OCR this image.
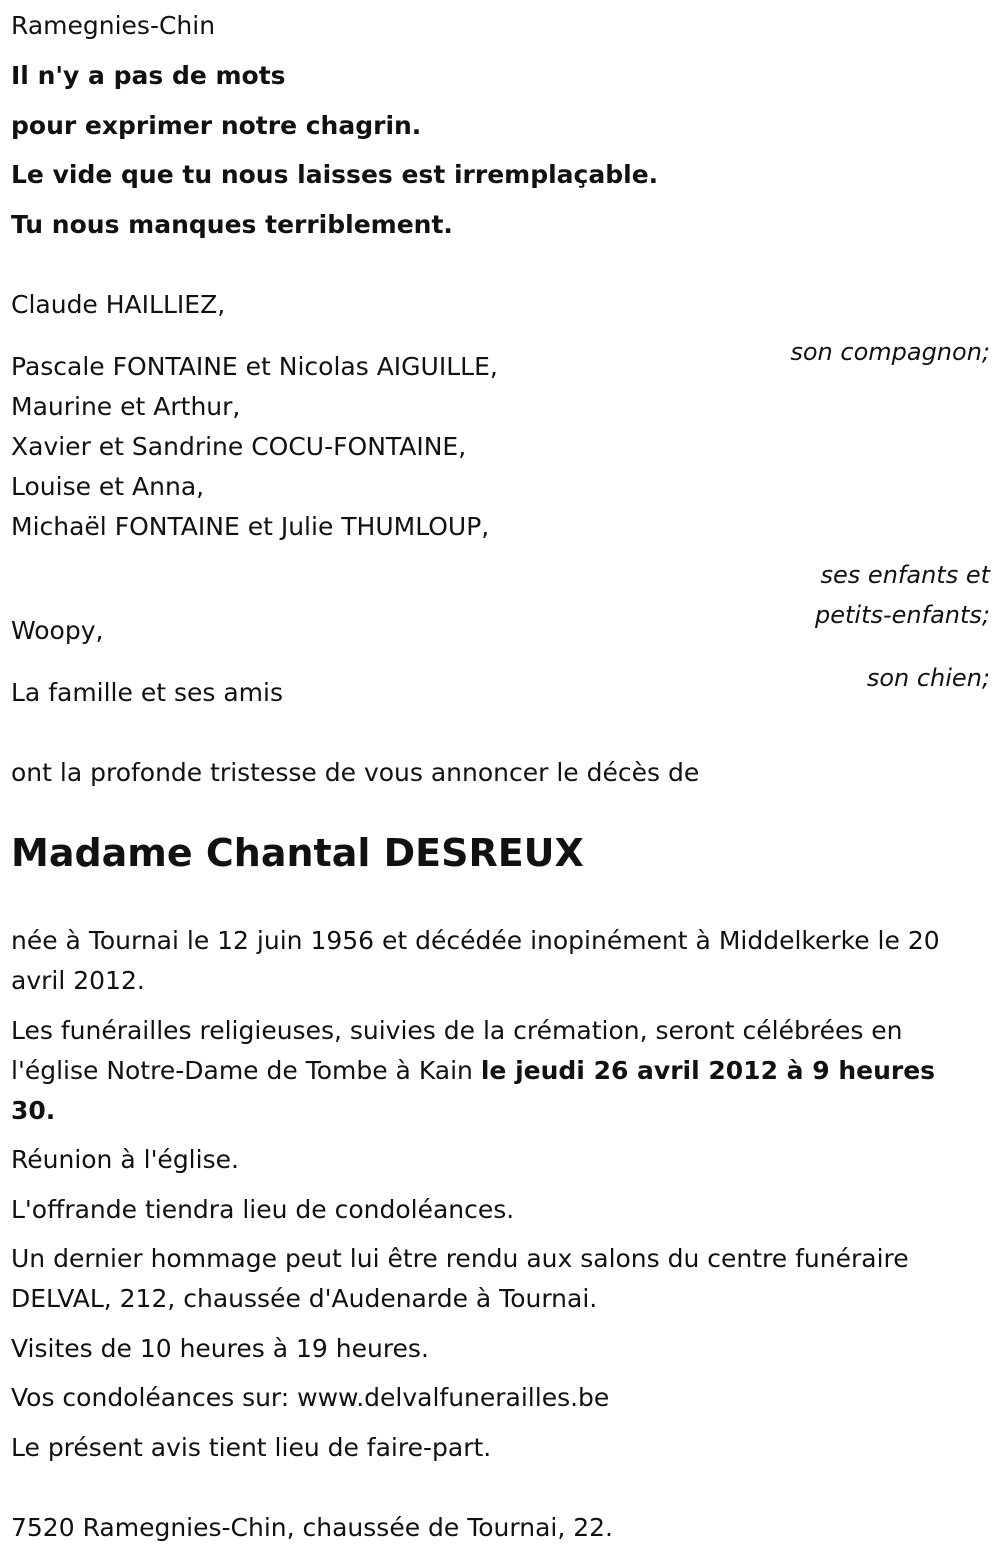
Ramegnies-Chin

Il n'y a pas de mots

pour exprimer notre chagrin.

Le vide que tu nous laisses est irremplaçable.

Tu nous manques terriblement.

Claude HAILLIEZ,

son compagnon;

Pascale FONTAINE et Nicolas AIGUILLE,

Maurine et Arthur,

Xavier et Sandrine COCU-FONTAINE,

Louise et Anna,

Michaël FONTAINE et Julie THUMLOUP,

ses enfants et

petits-enfants;

Woopy,

son chien;

La famille et ses amis

ont la profonde tristesse de vous annoncer le décès de

Madame Chantal DESREUX

née à Tournai le 12 juin 1956 et décédée inopinément à Middelkerke le 20

avril 2012.

Les funérailles religieuses, suivies de la crémation, seront célébrées en

l'église Notre-Dame de Tombe à Kain le jeudi 26 avril 2012 à 9 heures

30.

Réunion à l'église.

L'offrande tiendra lieu de condoléances.

Un dernier hommage peut lui être rendu aux salons du centre funéraire

DELVAL, 212, chaussée d'Audenarde à Tournai.

Visites de 10 heures à 19 heures.

Vos condoléances sur: www.delvalfunerailles.be

Le présent avis tient lieu de faire-part.

7520 Ramegnies-Chin, chaussée de Tournai, 22.
